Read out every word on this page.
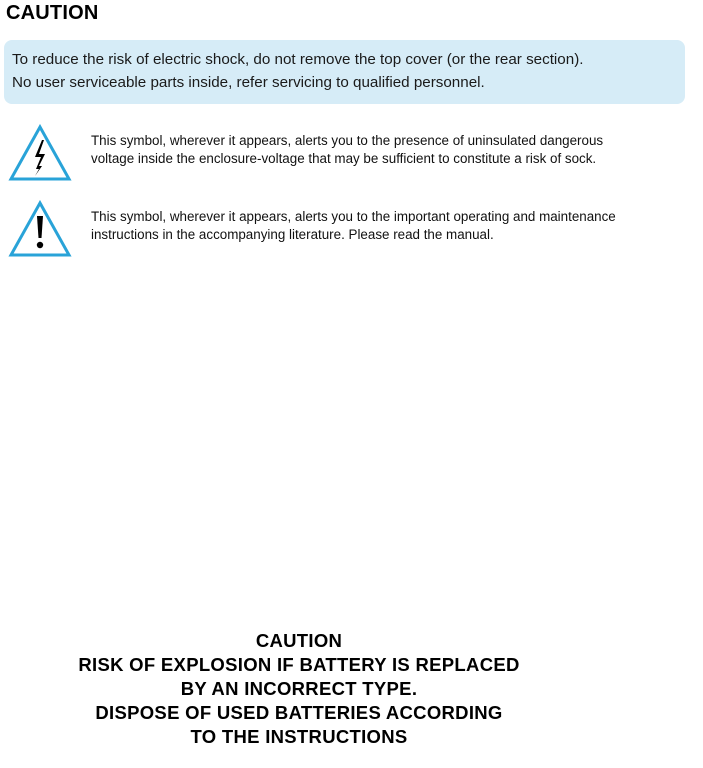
CAUTION
To reduce the risk of electric shock, do not remove the top cover (or the rear section).
No user serviceable parts inside, refer servicing to qualified personnel.
This symbol, wherever it appears, alerts you to the presence of uninsulated dangerous
voltage inside the enclosure-voltage that may be sufficient to constitute a risk of sock.
This symbol, wherever it appears, alerts you to the important operating and maintenance
instructions in the accompanying literature. Please read the manual.
CAUTION
RISK OF EXPLOSION IF BATTERY IS REPLACED
BY AN INCORRECT TYPE.
DISPOSE OF USED BATTERIES ACCORDING
TO THE INSTRUCTIONS
